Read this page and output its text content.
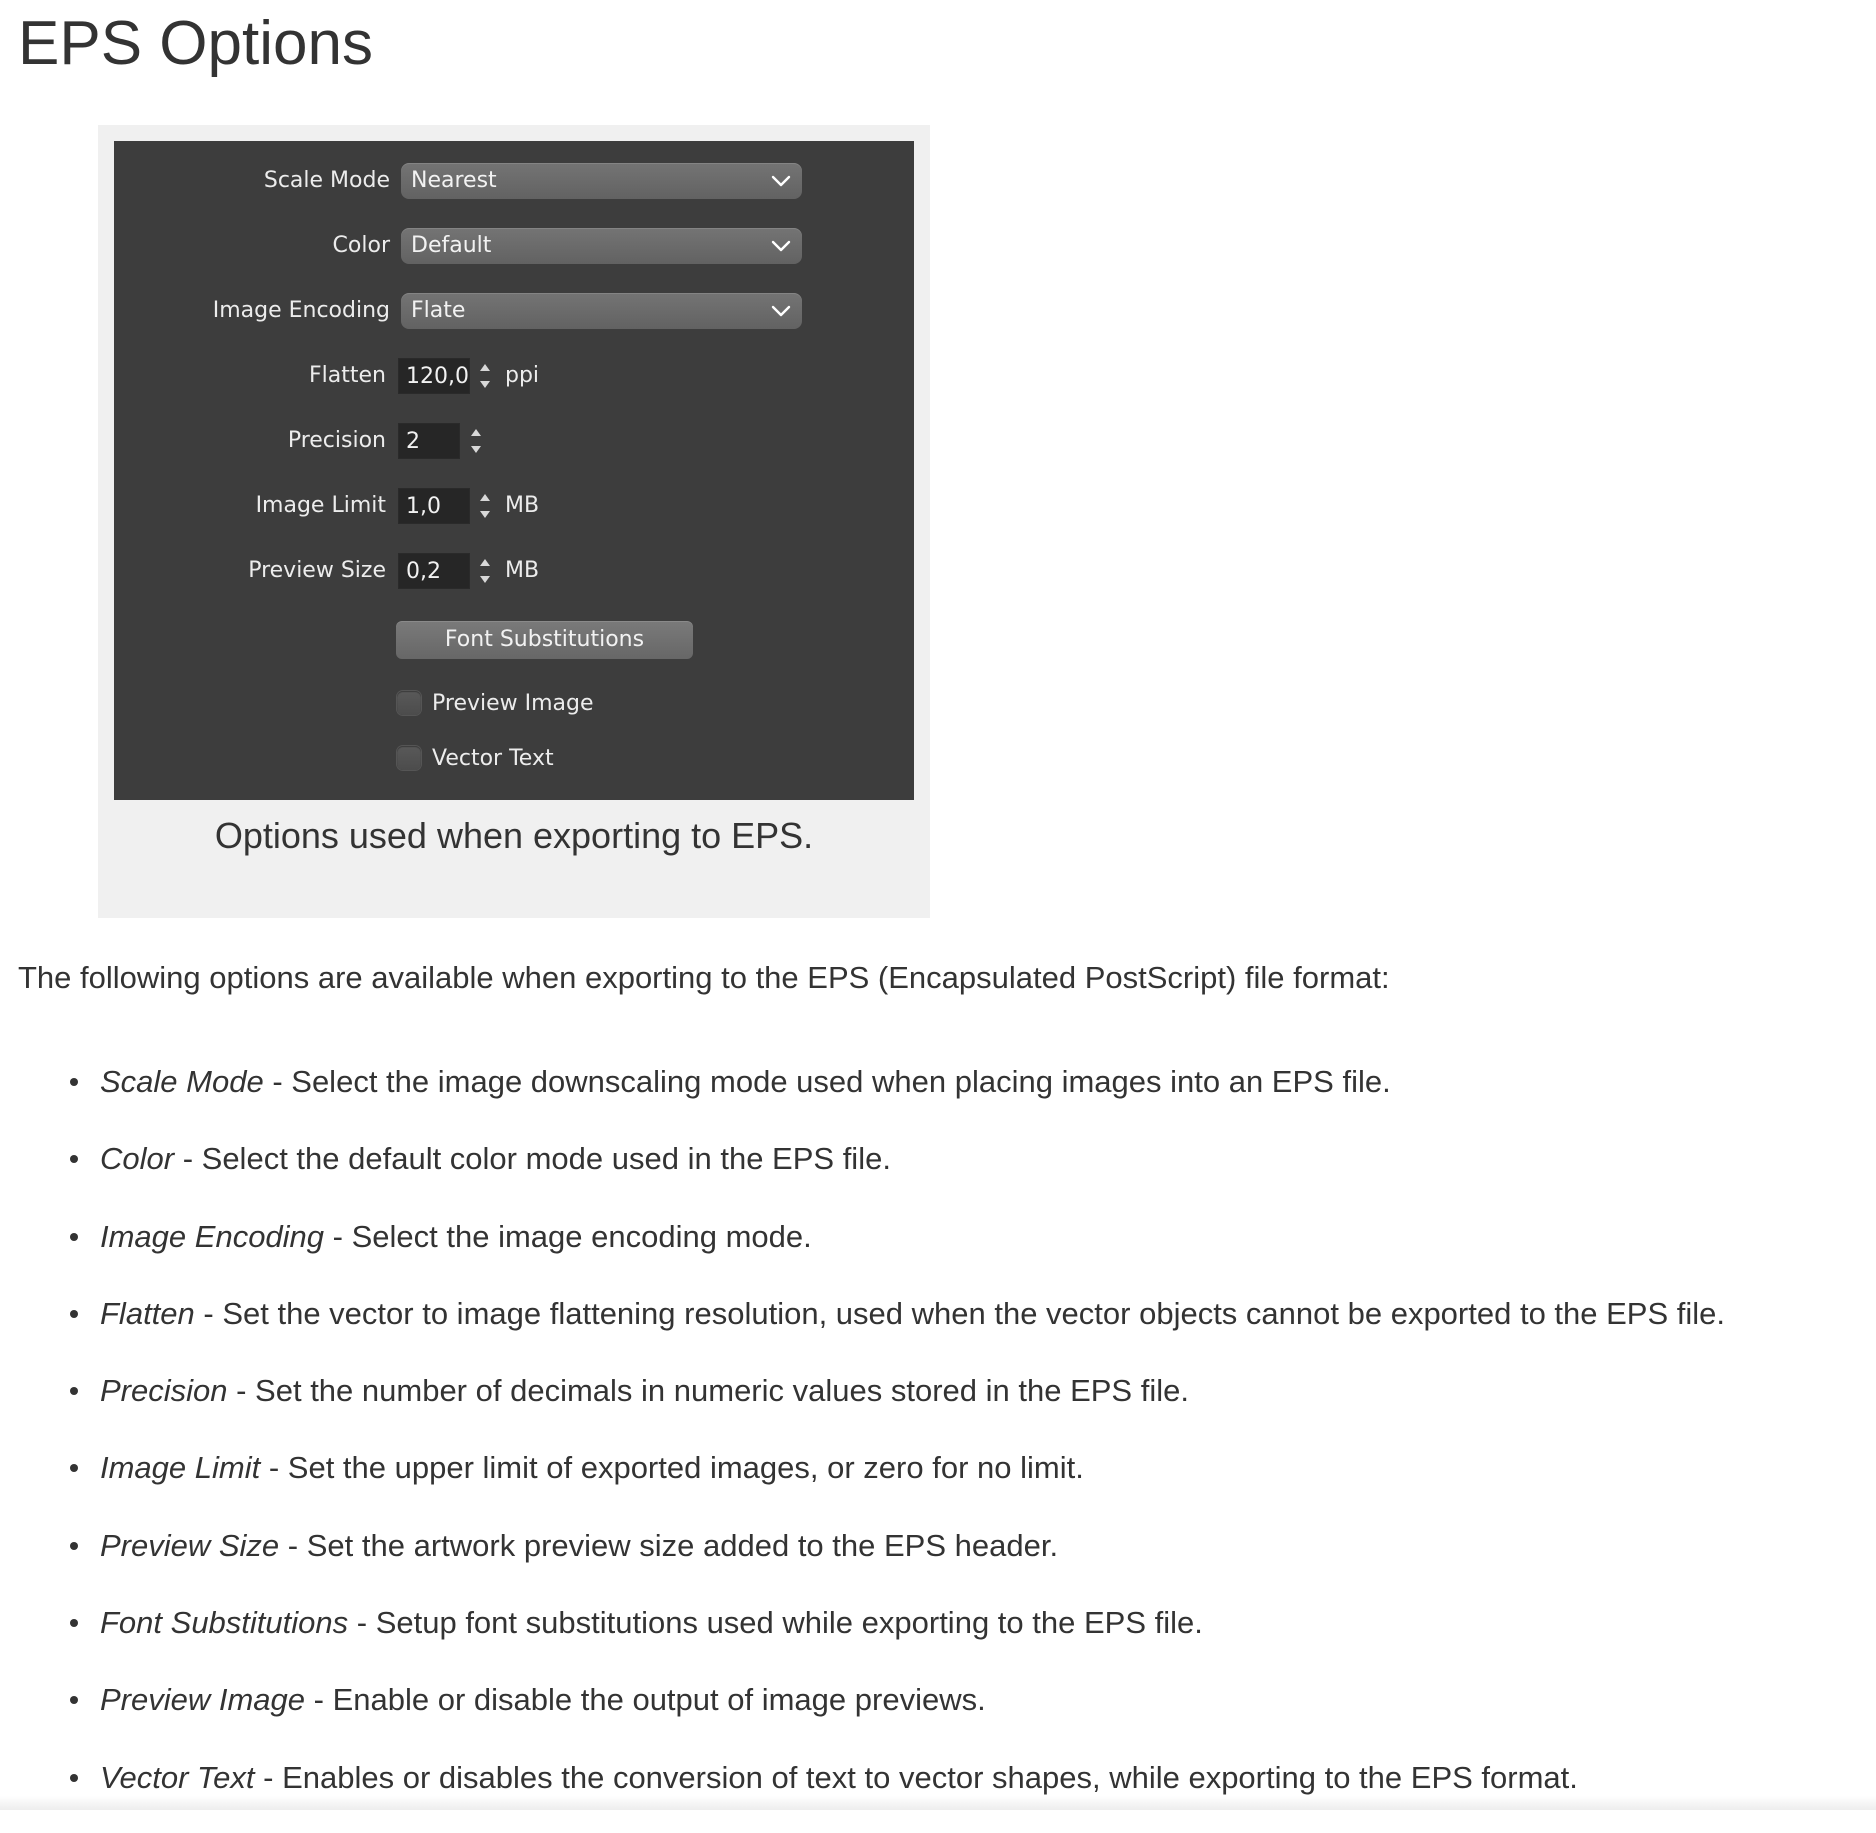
EPS Options
Scale Mode Nearest
Color Default
Image Encoding Flate
Flatten 120,0 ppi
Precision 2
Image Limit 1,0	MB
Preview Size 0,2	MB
Font Substitutions
Preview Image
Vector Text
Options used when exporting to EPS.

The following options are available when exporting to the EPS (Encapsulated PostScript) file format:

Scale Mode - Select the image downscaling mode used when placing images into an EPS file.
Color - Select the default color mode used in the EPS file.
Image Encoding - Select the image encoding mode.
Flatten - Set the vector to image flattening resolution, used when the vector objects cannot be exported to the EPS file.
Precision - Set the number of decimals in numeric values stored in the EPS file.
Image Limit - Set the upper limit of exported images, or zero for no limit.
Preview Size - Set the artwork preview size added to the EPS header.
Font Substitutions - Setup font substitutions used while exporting to the EPS file.
Preview Image - Enable or disable the output of image previews.
Vector Text - Enables or disables the conversion of text to vector shapes, while exporting to the EPS format.
